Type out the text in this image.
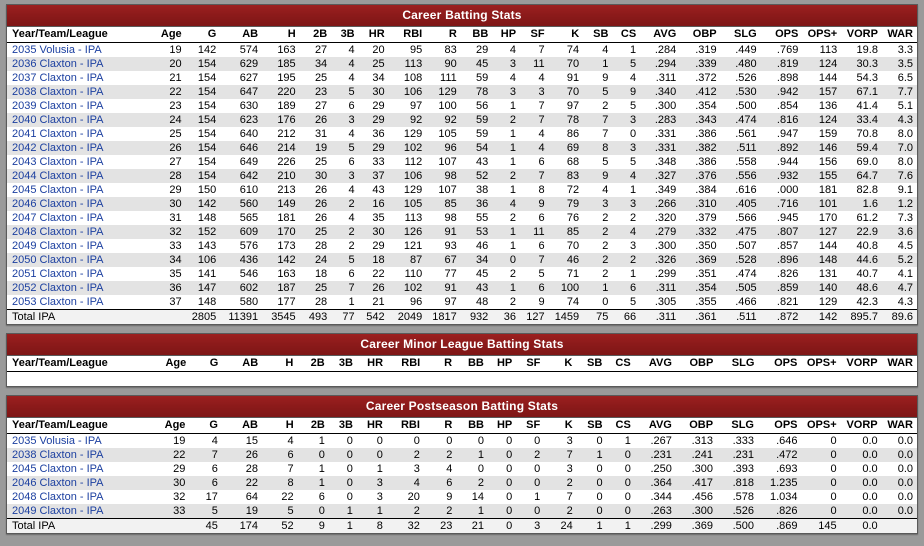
Career Batting Stats
Year/Team/League	Age	G	AB	H	2B	3B	HR	RBI	R	BB	HP	SF	K	SB	CS	AVG	OBP	SLG	OPS	OPS+	VORP	WAR
2035 Volusia - IPA	19	142	574	163	27	4	20	95	83	29	4	7	74	4	1	.284	.319	.449	.769	113	19.8	3.3
2036 Claxton - IPA	20	154	629	185	34	4	25	113	90	45	3	11	70	1	5	.294	.339	.480	.819	124	30.3	3.5
2037 Claxton - IPA	21	154	627	195	25	4	34	108	111	59	4	4	91	9	4	.311	.372	.526	.898	144	54.3	6.5
2038 Claxton - IPA	22	154	647	220	23	5	30	106	129	78	3	3	70	5	9	.340	.412	.530	.942	157	67.1	7.7
2039 Claxton - IPA	23	154	630	189	27	6	29	97	100	56	1	7	97	2	5	.300	.354	.500	.854	136	41.4	5.1
2040 Claxton - IPA	24	154	623	176	26	3	29	92	92	59	2	7	78	7	3	.283	.343	.474	.816	124	33.4	4.3
2041 Claxton - IPA	25	154	640	212	31	4	36	129	105	59	1	4	86	7	0	.331	.386	.561	.947	159	70.8	8.0
2042 Claxton - IPA	26	154	646	214	19	5	29	102	96	54	1	4	69	8	3	.331	.382	.511	.892	146	59.4	7.0
2043 Claxton - IPA	27	154	649	226	25	6	33	112	107	43	1	6	68	5	5	.348	.386	.558	.944	156	69.0	8.0
2044 Claxton - IPA	28	154	642	210	30	3	37	106	98	52	2	7	83	9	4	.327	.376	.556	.932	155	64.7	7.6
2045 Claxton - IPA	29	150	610	213	26	4	43	129	107	38	1	8	72	4	1	.349	.384	.616	.000	181	82.8	9.1
2046 Claxton - IPA	30	142	560	149	26	2	16	105	85	36	4	9	79	3	3	.266	.310	.405	.716	101	1.6	1.2
2047 Claxton - IPA	31	148	565	181	26	4	35	113	98	55	2	6	76	2	2	.320	.379	.566	.945	170	61.2	7.3
2048 Claxton - IPA	32	152	609	170	25	2	30	126	91	53	1	11	85	2	4	.279	.332	.475	.807	127	22.9	3.6
2049 Claxton - IPA	33	143	576	173	28	2	29	121	93	46	1	6	70	2	3	.300	.350	.507	.857	144	40.8	4.5
2050 Claxton - IPA	34	106	436	142	24	5	18	87	67	34	0	7	46	2	2	.326	.369	.528	.896	148	44.6	5.2
2051 Claxton - IPA	35	141	546	163	18	6	22	110	77	45	2	5	71	2	1	.299	.351	.474	.826	131	40.7	4.1
2052 Claxton - IPA	36	147	602	187	25	7	26	102	91	43	1	6	100	1	6	.311	.354	.505	.859	140	48.6	4.7
2053 Claxton - IPA	37	148	580	177	28	1	21	96	97	48	2	9	74	0	5	.305	.355	.466	.821	129	42.3	4.3
Total IPA		2805	11391	3545	493	77	542	2049	1817	932	36	127	1459	75	66	.311	.361	.511	.872	142	895.7	89.6
Career Minor League Batting Stats
Year/Team/League	Age	G	AB	H	2B	3B	HR	RBI	R	BB	HP	SF	K	SB	CS	AVG	OBP	SLG	OPS	OPS+	VORP	WAR

Career Postseason Batting Stats
Year/Team/League	Age	G	AB	H	2B	3B	HR	RBI	R	BB	HP	SF	K	SB	CS	AVG	OBP	SLG	OPS	OPS+	VORP	WAR
2035 Volusia - IPA	19	4	15	4	1	0	0	0	0	0	0	0	3	0	1	.267	.313	.333	.646	0	0.0	0.0
2038 Claxton - IPA	22	7	26	6	0	0	0	2	2	1	0	2	7	1	0	.231	.241	.231	.472	0	0.0	0.0
2045 Claxton - IPA	29	6	28	7	1	0	1	3	4	0	0	0	3	0	0	.250	.300	.393	.693	0	0.0	0.0
2046 Claxton - IPA	30	6	22	8	1	0	3	4	6	2	0	0	2	0	0	.364	.417	.818	1.235	0	0.0	0.0
2048 Claxton - IPA	32	17	64	22	6	0	3	20	9	14	0	1	7	0	0	.344	.456	.578	1.034	0	0.0	0.0
2049 Claxton - IPA	33	5	19	5	0	1	1	2	2	1	0	0	2	0	0	.263	.300	.526	.826	0	0.0	0.0
Total IPA		45	174	52	9	1	8	32	23	21	0	3	24	1	1	.299	.369	.500	.869	145	0.0	
